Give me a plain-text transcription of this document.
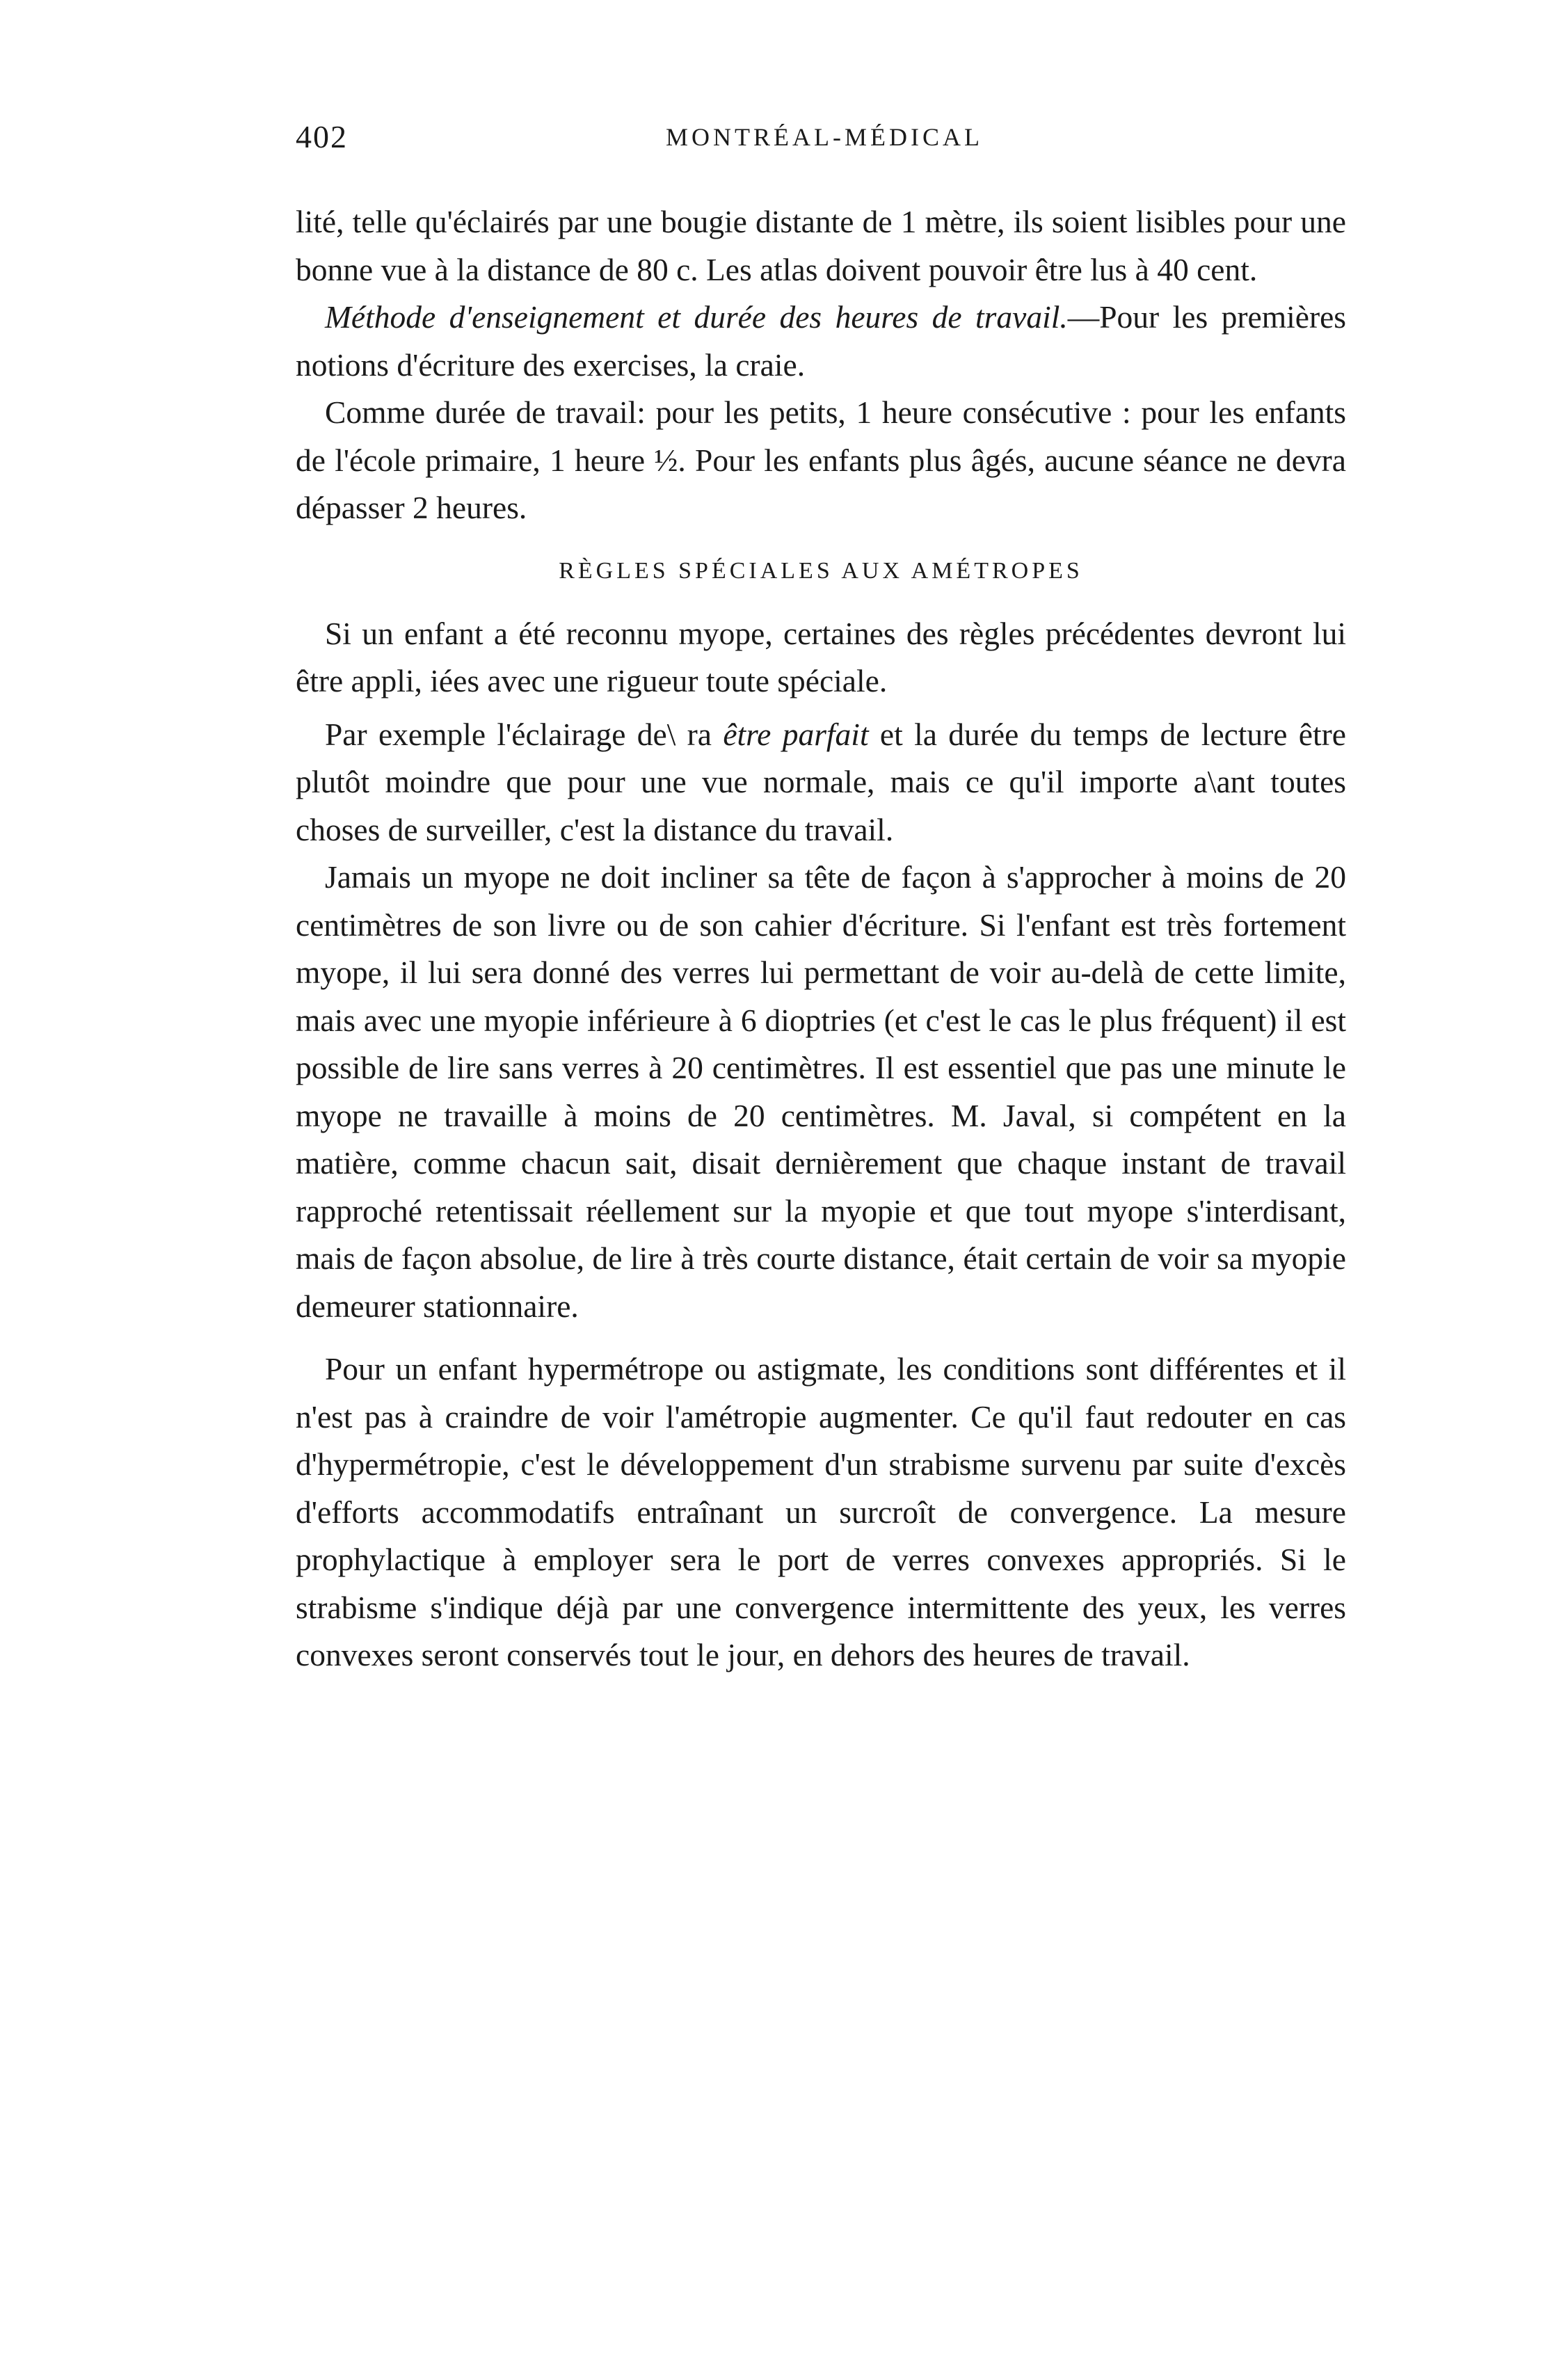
402	MONTRÉAL-MÉDICAL

lité, telle qu'éclairés par une bougie distante de 1 mètre, ils soient lisibles pour une bonne vue à la distance de 80 c. Les atlas doivent pouvoir être lus à 40 cent.

Méthode d'enseignement et durée des heures de travail.—Pour les premières notions d'écriture des exercises, la craie.

Comme durée de travail: pour les petits, 1 heure consécutive : pour les enfants de l'école primaire, 1 heure ½. Pour les enfants plus âgés, aucune séance ne devra dépasser 2 heures.

RÈGLES SPÉCIALES AUX AMÉTROPES

Si un enfant a été reconnu myope, certaines des règles précédentes devront lui être appli, iées avec une rigueur toute spéciale.

Par exemple l'éclairage de\ ra être parfait et la durée du temps de lecture être plutôt moindre que pour une vue normale, mais ce qu'il importe a\ant toutes choses de surveiller, c'est la distance du travail.

Jamais un myope ne doit incliner sa tête de façon à s'approcher à moins de 20 centimètres de son livre ou de son cahier d'écriture. Si l'enfant est très fortement myope, il lui sera donné des verres lui permettant de voir au-delà de cette limite, mais avec une myopie inférieure à 6 dioptries (et c'est le cas le plus fréquent) il est possible de lire sans verres à 20 centimètres. Il est essentiel que pas une minute le myope ne travaille à moins de 20 centimètres. M. Javal, si compétent en la matière, comme chacun sait, disait dernièrement que chaque instant de travail rapproché retentissait réellement sur la myopie et que tout myope s'interdisant, mais de façon absolue, de lire à très courte distance, était certain de voir sa myopie demeurer stationnaire.

Pour un enfant hypermétrope ou astigmate, les conditions sont différentes et il n'est pas à craindre de voir l'amétropie augmenter. Ce qu'il faut redouter en cas d'hypermétropie, c'est le développement d'un strabisme survenu par suite d'excès d'efforts accommodatifs entraînant un surcroît de convergence. La mesure prophylactique à employer sera le port de verres convexes appropriés. Si le strabisme s'indique déjà par une convergence intermittente des yeux, les verres convexes seront conservés tout le jour, en dehors des heures de travail.
